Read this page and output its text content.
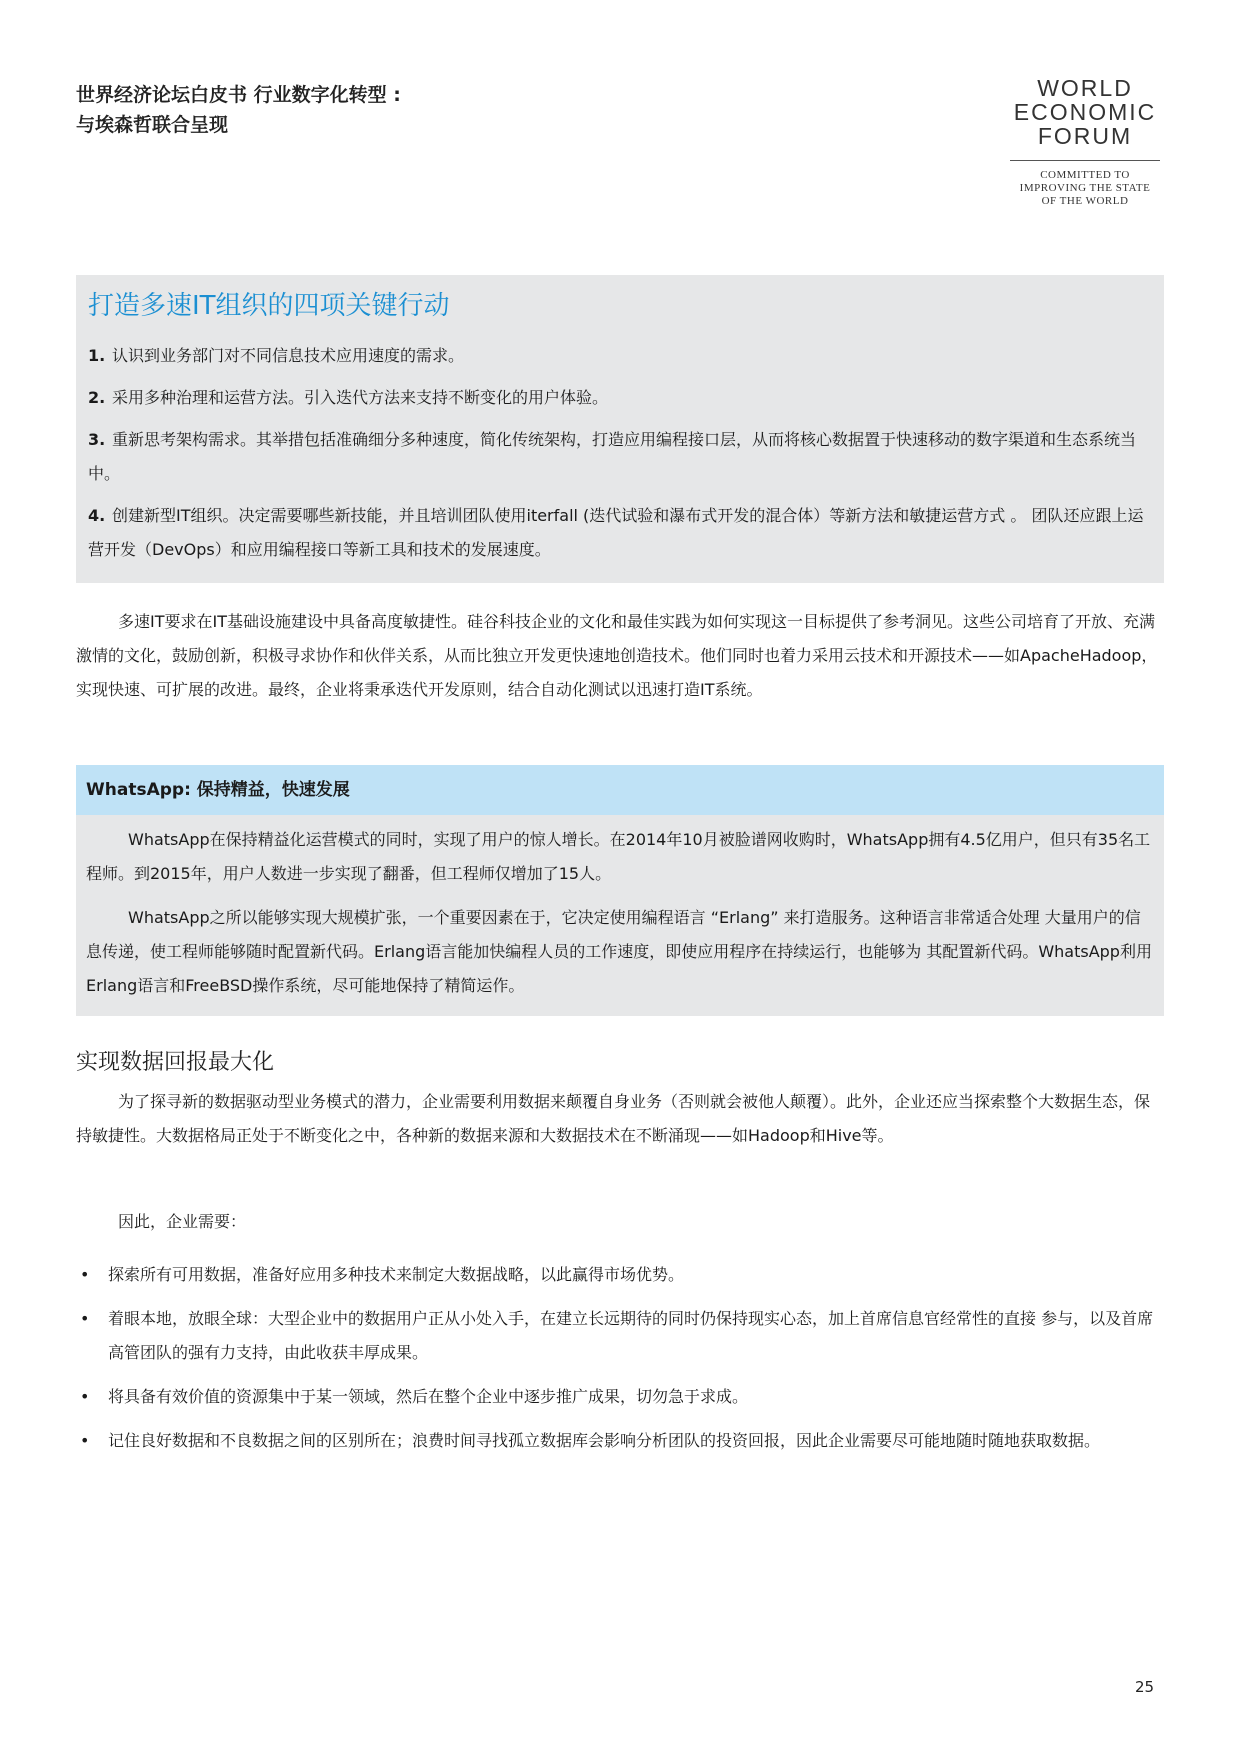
世界经济论坛白皮书 行业数字化转型 :与埃森哲联合呈现
WORLD
ECONOMIC
FORUM
COMMITTED TO
IMPROVING THE STATE
OF THE WORLD
打造多速IT组织的四项关键行动
1. 认识到业务部门对不同信息技术应用速度的需求。
2. 采用多种治理和运营方法。引入迭代方法来支持不断变化的用户体验。
3. 重新思考架构需求。其举措包括准确细分多种速度，简化传统架构，打造应用编程接口层，从而将核心数据置于快速移动的数字渠道和生态系统当中。
4. 创建新型IT组织。决定需要哪些新技能，并且培训团队使用iterfall (迭代试验和瀑布式开发的混合体）等新方法和敏捷运营方式 。 团队还应跟上运营开发（DevOps）和应用编程接口等新工具和技术的发展速度。

多速IT要求在IT基础设施建设中具备高度敏捷性。硅谷科技企业的文化和最佳实践为如何实现这一目标提供了参考洞见。这些公司培育了开放、充满激情的文化，鼓励创新，积极寻求协作和伙伴关系，从而比独立开发更快速地创造技术。他们同时也着力采用云技术和开源技术——如ApacheHadoop，实现快速、可扩展的改进。最终，企业将秉承迭代开发原则，结合自动化测试以迅速打造IT系统。

WhatsApp: 保持精益，快速发展

WhatsApp在保持精益化运营模式的同时，实现了用户的惊人增长。在2014年10月被脸谱网收购时，WhatsApp拥有4.5亿用户，但只有35名工程师。到2015年，用户人数进一步实现了翻番，但工程师仅增加了15人。

WhatsApp之所以能够实现大规模扩张，一个重要因素在于，它决定使用编程语言 “Erlang” 来打造服务。这种语言非常适合处理 大量用户的信息传递，使工程师能够随时配置新代码。Erlang语言能加快编程人员的工作速度，即使应用程序在持续运行，也能够为 其配置新代码。WhatsApp利用Erlang语言和FreeBSD操作系统，尽可能地保持了精简运作。

实现数据回报最大化

为了探寻新的数据驱动型业务模式的潜力，企业需要利用数据来颠覆自身业务（否则就会被他人颠覆）。此外，企业还应当探索整个大数据生态，保持敏捷性。大数据格局正处于不断变化之中，各种新的数据来源和大数据技术在不断涌现——如Hadoop和Hive等。

因此，企业需要：

• 探索所有可用数据，准备好应用多种技术来制定大数据战略，以此赢得市场优势。
• 着眼本地，放眼全球：大型企业中的数据用户正从小处入手，在建立长远期待的同时仍保持现实心态，加上首席信息官经常性的直接 参与，以及首席高管团队的强有力支持，由此收获丰厚成果。
• 将具备有效价值的资源集中于某一领域，然后在整个企业中逐步推广成果，切勿急于求成。
• 记住良好数据和不良数据之间的区别所在；浪费时间寻找孤立数据库会影响分析团队的投资回报，因此企业需要尽可能地随时随地获取数据。
25
